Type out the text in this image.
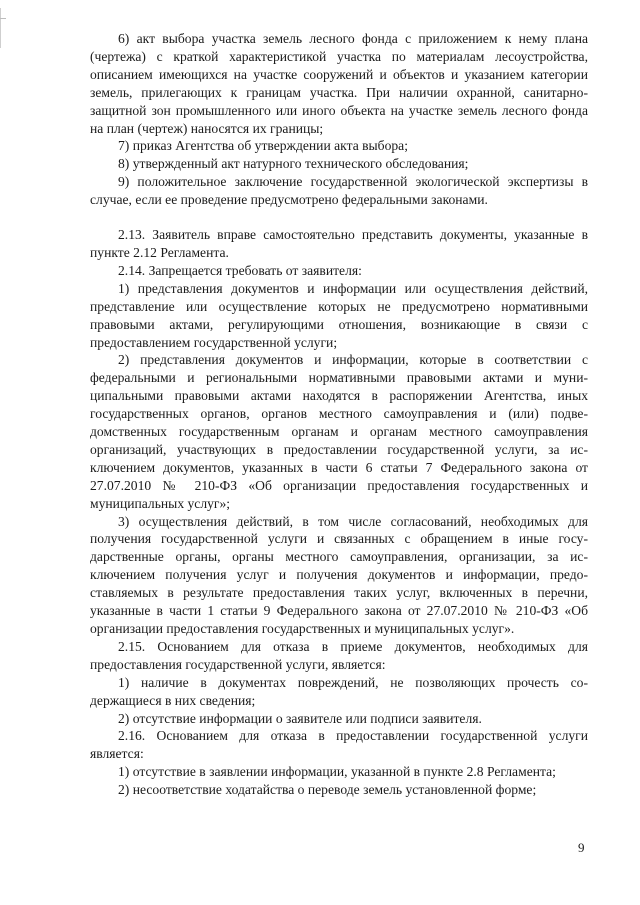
6) акт выбора участка земель лесного фонда с приложением к нему плана (чертежа) с краткой характеристикой участка по материалам лесоустройства, описанием имеющихся на участке сооружений и объектов и указанием категории земель, прилегающих к границам участка. При наличии охранной, санитарно-защитной зон промышленного или иного объекта на участке земель лесного фонда на план (чертеж) наносятся их границы;

7) приказ Агентства об утверждении акта выбора;

8) утвержденный акт натурного технического обследования;

9) положительное заключение государственной экологической экспертизы в случае, если ее проведение предусмотрено федеральными законами.

2.13. Заявитель вправе самостоятельно представить документы, указанные в пункте 2.12 Регламента.

2.14. Запрещается требовать от заявителя:

1) представления документов и информации или осуществления действий, представление или осуществление которых не предусмотрено нормативными правовыми актами, регулирующими отношения, возникающие в связи с предоставлением государственной услуги;

2) представления документов и информации, которые в соответствии с федеральными и региональными нормативными правовыми актами и муниципальными правовыми актами находятся в распоряжении Агентства, иных государственных органов, органов местного самоуправления и (или) подведомственных государственным органам и органам местного самоуправления организаций, участвующих в предоставлении государственной услуги, за исключением документов, указанных в части 6 статьи 7 Федерального закона от 27.07.2010 № 210-ФЗ «Об организации предоставления государственных и муниципальных услуг»;

3) осуществления действий, в том числе согласований, необходимых для получения государственной услуги и связанных с обращением в иные государственные органы, органы местного самоуправления, организации, за исключением получения услуг и получения документов и информации, предоставляемых в результате предоставления таких услуг, включенных в перечни, указанные в части 1 статьи 9 Федерального закона от 27.07.2010 № 210-ФЗ «Об организации предоставления государственных и муниципальных услуг».

2.15. Основанием для отказа в приеме документов, необходимых для предоставления государственной услуги, является:

1) наличие в документах повреждений, не позволяющих прочесть содержащиеся в них сведения;

2) отсутствие информации о заявителе или подписи заявителя.

2.16. Основанием для отказа в предоставлении государственной услуги является:

1) отсутствие в заявлении информации, указанной в пункте 2.8 Регламента;

2) несоответствие ходатайства о переводе земель установленной форме;

9
